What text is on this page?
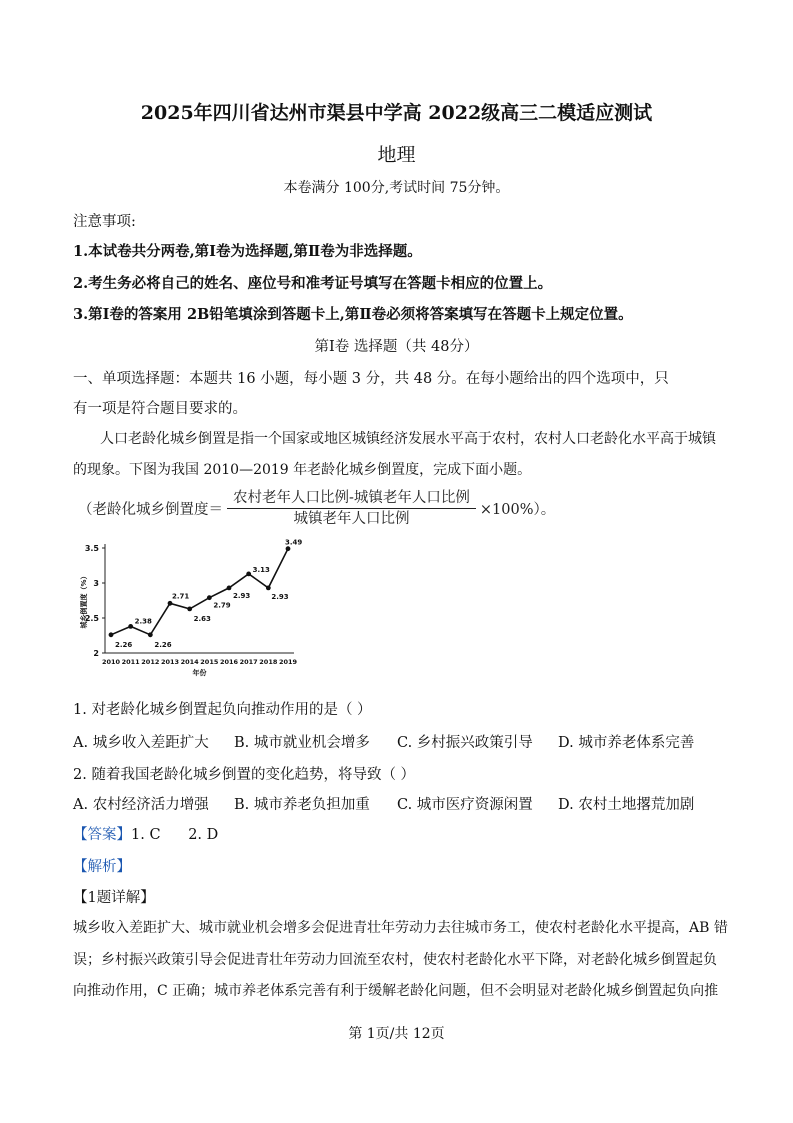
2025年四川省达州市渠县中学高 2022级高三二模适应测试
地理
本卷满分 100分,考试时间 75分钟。
注意事项:
1.本试卷共分两卷,第Ⅰ卷为选择题,第Ⅱ卷为非选择题。
2.考生务必将自己的姓名、座位号和准考证号填写在答题卡相应的位置上。
3.第Ⅰ卷的答案用 2B铅笔填涂到答题卡上,第Ⅱ卷必须将答案填写在答题卡上规定位置。
第Ⅰ卷 选择题（共 48分）
一、单项选择题：本题共 16 小题，每小题 3 分，共 48 分。在每小题给出的四个选项中，只
有一项是符合题目要求的。
人口老龄化城乡倒置是指一个国家或地区城镇经济发展水平高于农村，农村人口老龄化水平高于城镇
的现象。下图为我国 2010—2019 年老龄化城乡倒置度，完成下面小题。
（老龄化城乡倒置度＝ $\frac{\text{农村老年人口比例-城镇老年人口比例}}{\text{城镇老年人口比例}} \times 100\%$）。
2
2.5
3
3.5
2010 2011 2012 2013 2014 2015 2016 2017 2018 2019
年份
城乡倒置度（%）
2.26
2.38
2.26
2.71
2.63
2.79
2.93
3.13
2.93
3.49
1. 对老龄化城乡倒置起负向推动作用的是（ ）
A. 城乡收入差距扩大 B. 城市就业机会增多 C. 乡村振兴政策引导 D. 城市养老体系完善
2. 随着我国老龄化城乡倒置的变化趋势，将导致（ ）
A. 农村经济活力增强 B. 城市养老负担加重 C. 城市医疗资源闲置 D. 农村土地撂荒加剧
【答案】1. C      2. D
【解析】
【1题详解】
城乡收入差距扩大、城市就业机会增多会促进青壮年劳动力去往城市务工，使农村老龄化水平提高，AB 错
误；乡村振兴政策引导会促进青壮年劳动力回流至农村，使农村老龄化水平下降，对老龄化城乡倒置起负
向推动作用，C 正确；城市养老体系完善有利于缓解老龄化问题，但不会明显对老龄化城乡倒置起负向推
第 1页/共 12页
